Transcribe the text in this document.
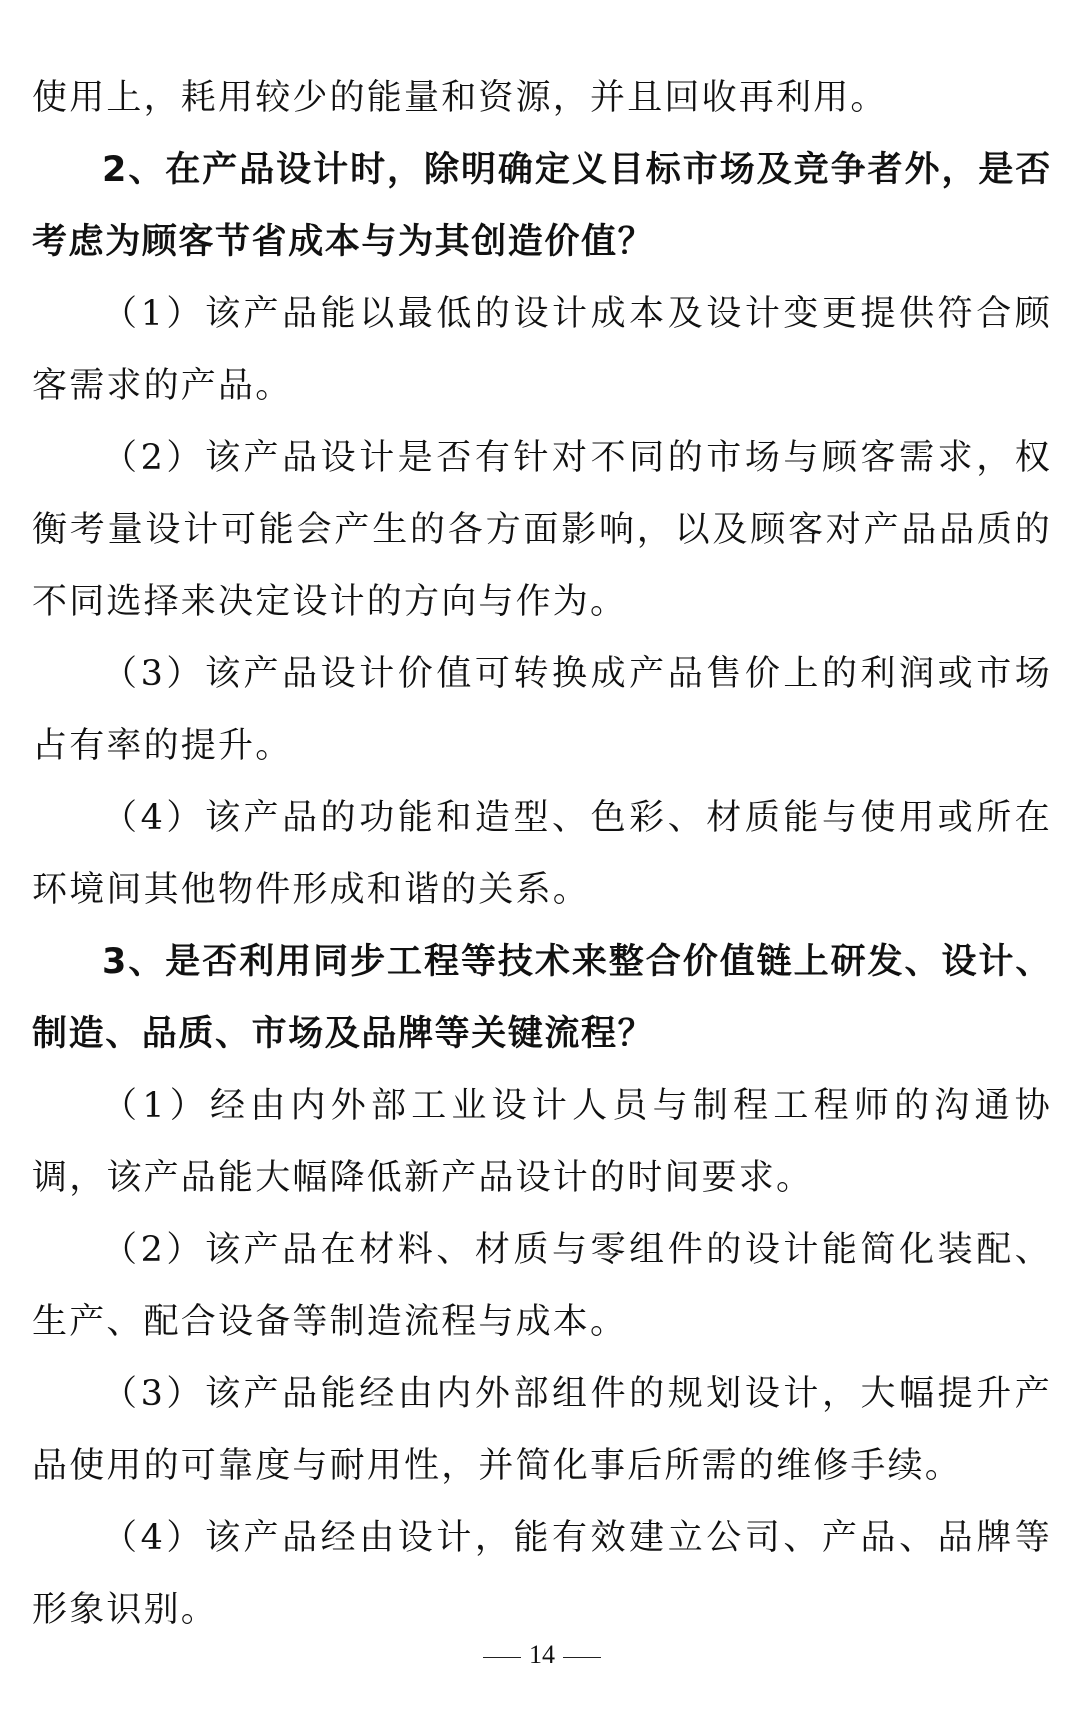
使用上，耗用较少的能量和资源，并且回收再利用。

2、在产品设计时，除明确定义目标市场及竞争者外，是否考虑为顾客节省成本与为其创造价值？

（1）该产品能以最低的设计成本及设计变更提供符合顾客需求的产品。

（2）该产品设计是否有针对不同的市场与顾客需求，权衡考量设计可能会产生的各方面影响，以及顾客对产品品质的不同选择来决定设计的方向与作为。

（3）该产品设计价值可转换成产品售价上的利润或市场占有率的提升。

（4）该产品的功能和造型、色彩、材质能与使用或所在环境间其他物件形成和谐的关系。

3、是否利用同步工程等技术来整合价值链上研发、设计、制造、品质、市场及品牌等关键流程？

（1）经由内外部工业设计人员与制程工程师的沟通协调，该产品能大幅降低新产品设计的时间要求。

（2）该产品在材料、材质与零组件的设计能简化装配、生产、配合设备等制造流程与成本。

（3）该产品能经由内外部组件的规划设计，大幅提升产品使用的可靠度与耐用性，并简化事后所需的维修手续。

（4）该产品经由设计，能有效建立公司、产品、品牌等形象识别。

14
